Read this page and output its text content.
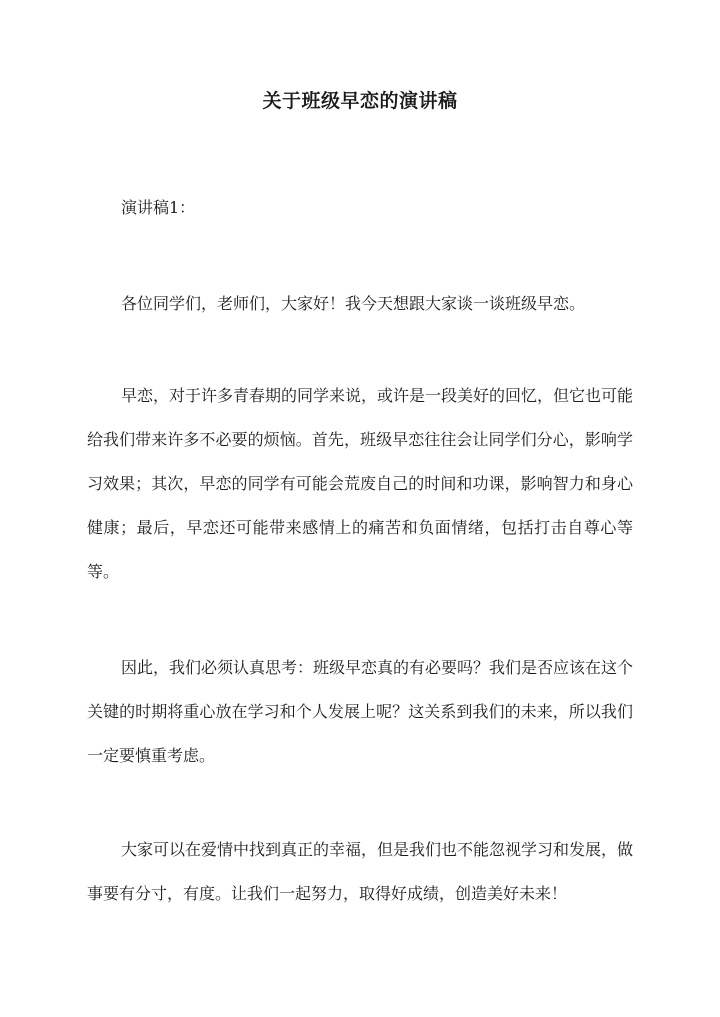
关于班级早恋的演讲稿

演讲稿1：

各位同学们，老师们，大家好！我今天想跟大家谈一谈班级早恋。

早恋，对于许多青春期的同学来说，或许是一段美好的回忆，但它也可能给我们带来许多不必要的烦恼。首先，班级早恋往往会让同学们分心，影响学习效果；其次，早恋的同学有可能会荒废自己的时间和功课，影响智力和身心健康；最后，早恋还可能带来感情上的痛苦和负面情绪，包括打击自尊心等等。

因此，我们必须认真思考：班级早恋真的有必要吗？我们是否应该在这个关键的时期将重心放在学习和个人发展上呢？这关系到我们的未来，所以我们一定要慎重考虑。

大家可以在爱情中找到真正的幸福，但是我们也不能忽视学习和发展，做事要有分寸，有度。让我们一起努力，取得好成绩，创造美好未来！
